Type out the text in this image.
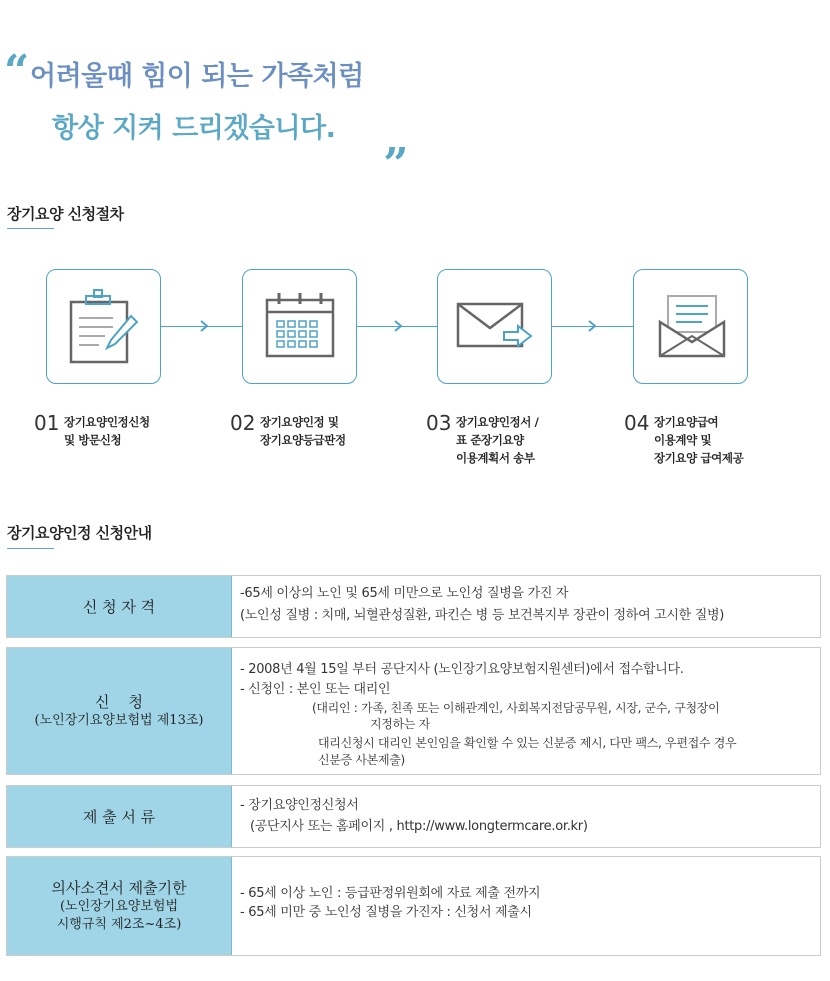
“ 어려울때 힘이 되는 가족처럼
항상 지켜 드리겠습니다. „
장기요양 신청절차
01 장기요양인정신청
및 방문신청
02 장기요양인정 및
장기요양등급판정
03 장기요양인정서 /
표 준장기요양
이용계획서 송부
04 장기요양급여
이용계약 및
장기요양 급여제공
장기요양인정 신청안내
신 청 자 격
-65세 이상의 노인 및 65세 미만으로 노인성 질병을 가진 자
(노인성 질병 : 치매, 뇌혈관성질환, 파킨슨 병 등 보건복지부 장관이 정하여 고시한 질병)
신    청
(노인장기요양보험법 제13조)
- 2008년 4월 15일 부터 공단지사 (노인장기요양보험지원센터)에서 접수합니다.
- 신청인 : 본인 또는 대리인
(대리인 : 가족, 친족 또는 이해관계인, 사회복지전담공무원, 시장, 군수, 구청장이
지정하는 자
대리신청시 대리인 본인임을 확인할 수 있는 신분증 제시, 다만 팩스, 우편접수 경우
신분증 사본제출)
제 출 서 류
- 장기요양인정신청서
(공단지사 또는 홈페이지 , http://www.longtermcare.or.kr)
의사소견서 제출기한
(노인장기요양보험법
시행규칙 제2조~4조)
- 65세 이상 노인 : 등급판정위원회에 자료 제출 전까지
- 65세 미만 중 노인성 질병을 가진자 : 신청서 제출시
